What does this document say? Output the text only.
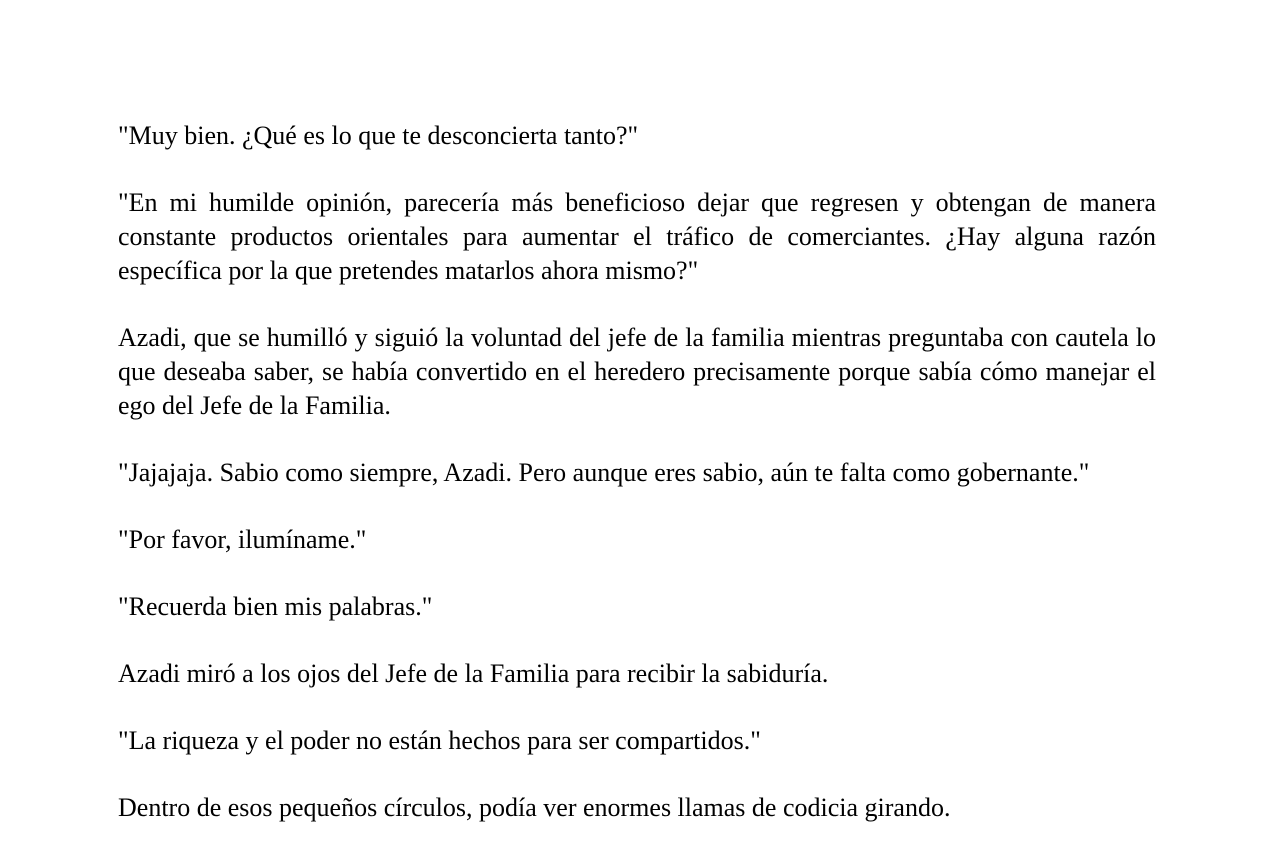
"Muy bien. ¿Qué es lo que te desconcierta tanto?"

"En mi humilde opinión, parecería más beneficioso dejar que regresen y obtengan de manera constante productos orientales para aumentar el tráfico de comerciantes. ¿Hay alguna razón específica por la que pretendes matarlos ahora mismo?"

Azadi, que se humilló y siguió la voluntad del jefe de la familia mientras preguntaba con cautela lo que deseaba saber, se había convertido en el heredero precisamente porque sabía cómo manejar el ego del Jefe de la Familia.

"Jajajaja. Sabio como siempre, Azadi. Pero aunque eres sabio, aún te falta como gobernante."

"Por favor, ilumíname."

"Recuerda bien mis palabras."

Azadi miró a los ojos del Jefe de la Familia para recibir la sabiduría.

"La riqueza y el poder no están hechos para ser compartidos."

Dentro de esos pequeños círculos, podía ver enormes llamas de codicia girando.
